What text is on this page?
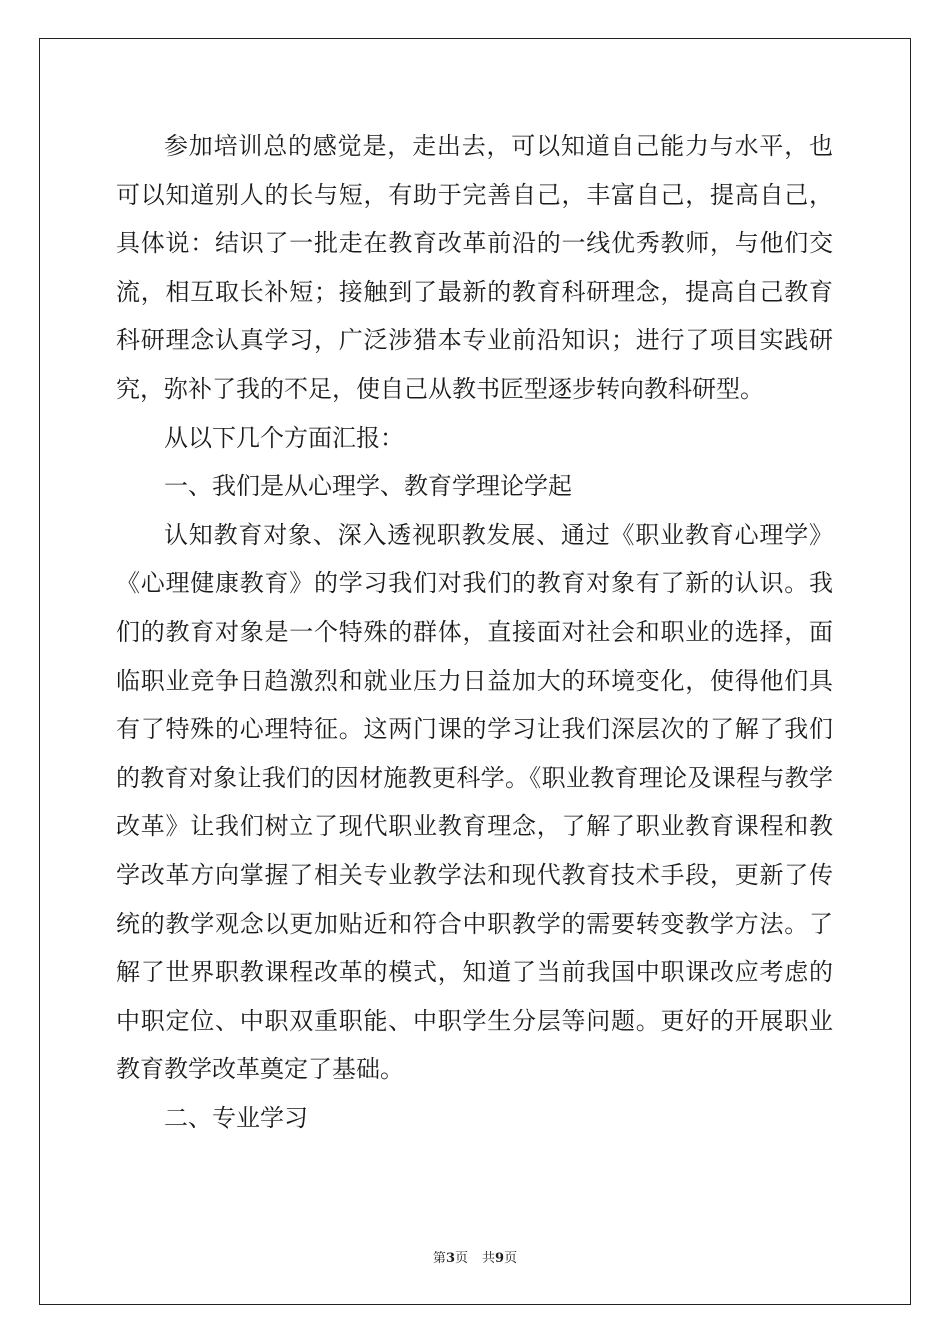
参加培训总的感觉是，走出去，可以知道自己能力与水平，也可以知道别人的长与短，有助于完善自己，丰富自己，提高自己，具体说：结识了一批走在教育改革前沿的一线优秀教师，与他们交流，相互取长补短；接触到了最新的教育科研理念，提高自己教育科研理念认真学习，广泛涉猎本专业前沿知识；进行了项目实践研究，弥补了我的不足，使自己从教书匠型逐步转向教科研型。

从以下几个方面汇报：

一、我们是从心理学、教育学理论学起

认知教育对象、深入透视职教发展、通过《职业教育心理学》《心理健康教育》的学习我们对我们的教育对象有了新的认识。我们的教育对象是一个特殊的群体，直接面对社会和职业的选择，面临职业竞争日趋激烈和就业压力日益加大的环境变化，使得他们具有了特殊的心理特征。这两门课的学习让我们深层次的了解了我们的教育对象让我们的因材施教更科学。《职业教育理论及课程与教学改革》让我们树立了现代职业教育理念，了解了职业教育课程和教学改革方向掌握了相关专业教学法和现代教育技术手段，更新了传统的教学观念以更加贴近和符合中职教学的需要转变教学方法。了解了世界职教课程改革的模式，知道了当前我国中职课改应考虑的中职定位、中职双重职能、中职学生分层等问题。更好的开展职业教育教学改革奠定了基础。

二、专业学习

第3页 共9页
